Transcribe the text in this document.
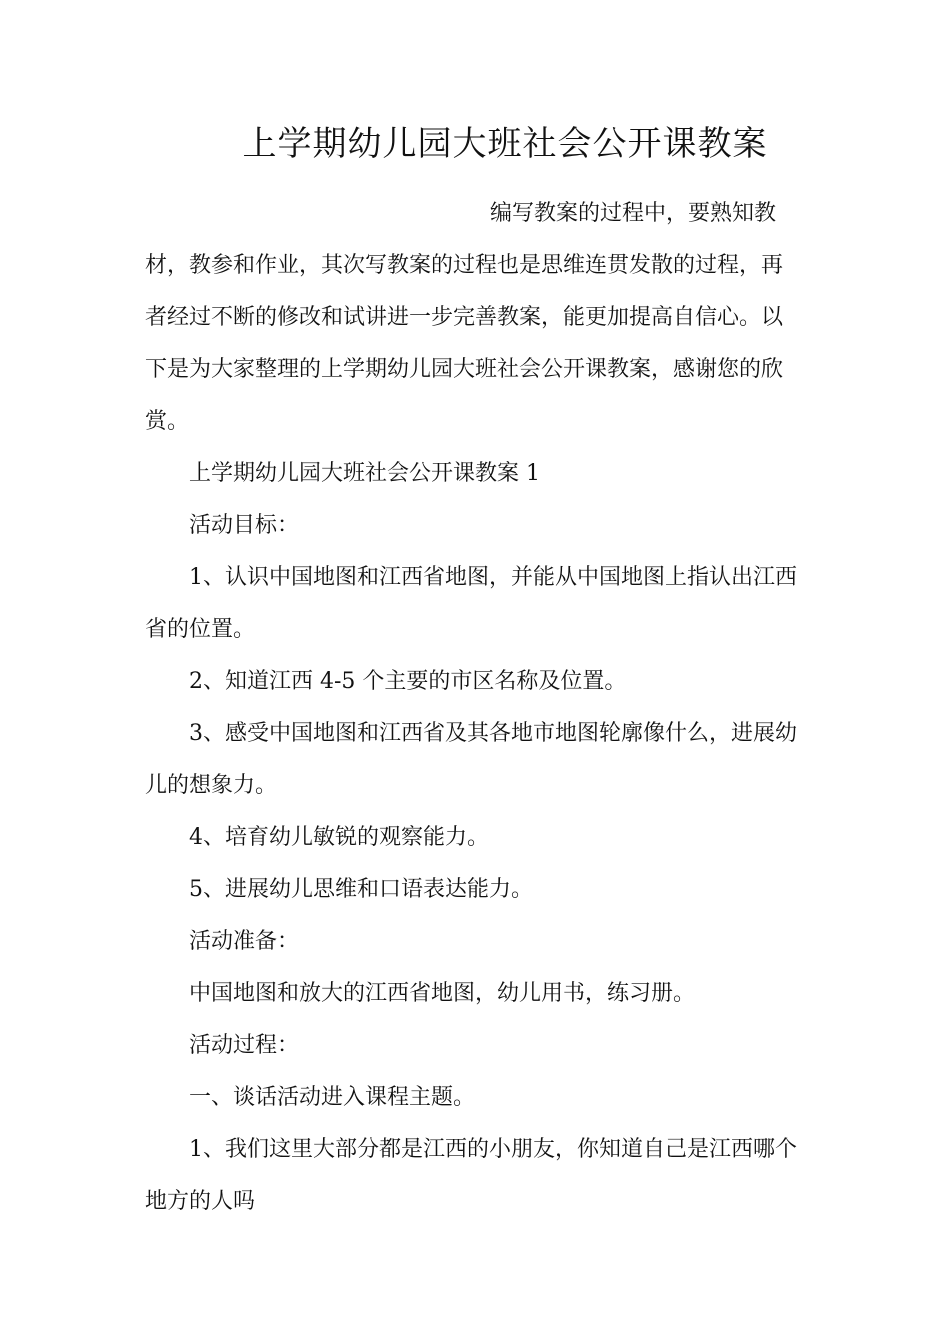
上学期幼儿园大班社会公开课教案
编写教案的过程中，要熟知教
材，教参和作业，其次写教案的过程也是思维连贯发散的过程，再
者经过不断的修改和试讲进一步完善教案，能更加提高自信心。以
下是为大家整理的上学期幼儿园大班社会公开课教案，感谢您的欣
赏。
上学期幼儿园大班社会公开课教案 1
活动目标：
1、认识中国地图和江西省地图，并能从中国地图上指认出江西
省的位置。
2、知道江西 4-5 个主要的市区名称及位置。
3、感受中国地图和江西省及其各地市地图轮廓像什么，进展幼
儿的想象力。
4、培育幼儿敏锐的观察能力。
5、进展幼儿思维和口语表达能力。
活动准备：
中国地图和放大的江西省地图，幼儿用书，练习册。
活动过程：
一、谈话活动进入课程主题。
1、我们这里大部分都是江西的小朋友，你知道自己是江西哪个
地方的人吗
